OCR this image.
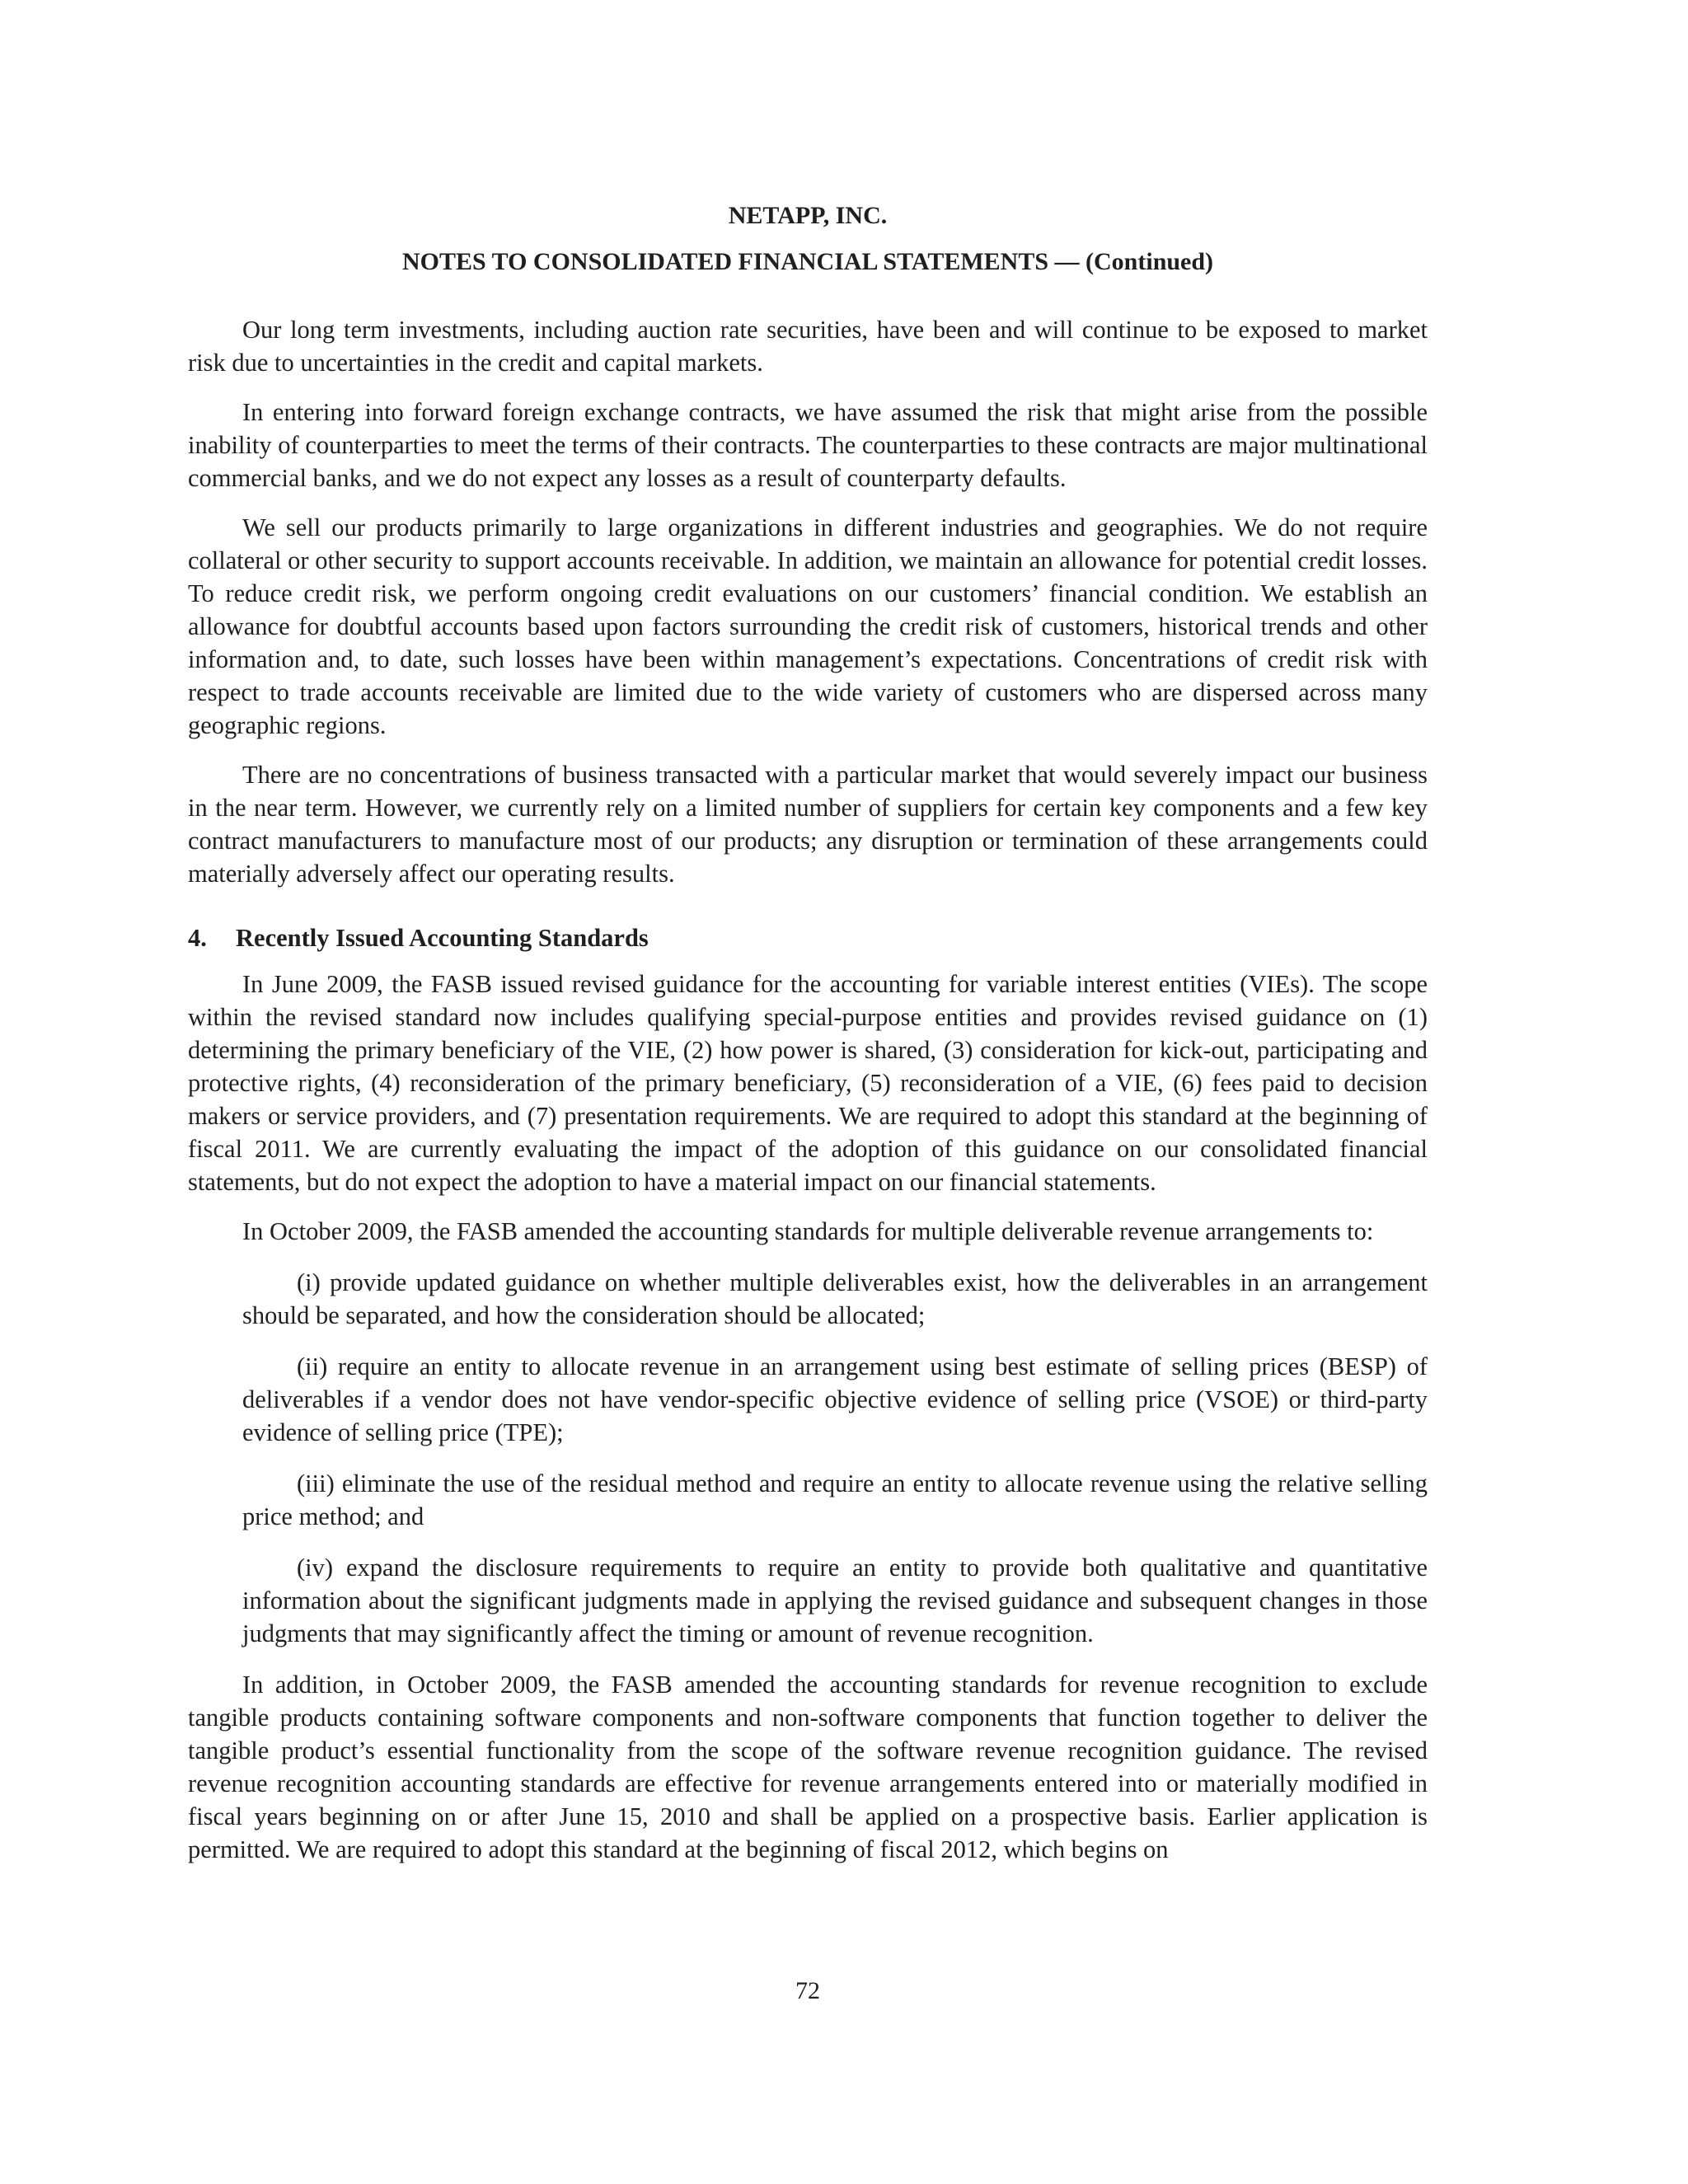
NETAPP, INC.
NOTES TO CONSOLIDATED FINANCIAL STATEMENTS — (Continued)

Our long term investments, including auction rate securities, have been and will continue to be exposed to market risk due to uncertainties in the credit and capital markets.

In entering into forward foreign exchange contracts, we have assumed the risk that might arise from the possible inability of counterparties to meet the terms of their contracts. The counterparties to these contracts are major multinational commercial banks, and we do not expect any losses as a result of counterparty defaults.

We sell our products primarily to large organizations in different industries and geographies. We do not require collateral or other security to support accounts receivable. In addition, we maintain an allowance for potential credit losses. To reduce credit risk, we perform ongoing credit evaluations on our customers’ financial condition. We establish an allowance for doubtful accounts based upon factors surrounding the credit risk of customers, historical trends and other information and, to date, such losses have been within management’s expectations. Concentrations of credit risk with respect to trade accounts receivable are limited due to the wide variety of customers who are dispersed across many geographic regions.

There are no concentrations of business transacted with a particular market that would severely impact our business in the near term. However, we currently rely on a limited number of suppliers for certain key components and a few key contract manufacturers to manufacture most of our products; any disruption or termination of these arrangements could materially adversely affect our operating results.

4. Recently Issued Accounting Standards

In June 2009, the FASB issued revised guidance for the accounting for variable interest entities (VIEs). The scope within the revised standard now includes qualifying special-purpose entities and provides revised guidance on (1) determining the primary beneficiary of the VIE, (2) how power is shared, (3) consideration for kick-out, participating and protective rights, (4) reconsideration of the primary beneficiary, (5) reconsideration of a VIE, (6) fees paid to decision makers or service providers, and (7) presentation requirements. We are required to adopt this standard at the beginning of fiscal 2011. We are currently evaluating the impact of the adoption of this guidance on our consolidated financial statements, but do not expect the adoption to have a material impact on our financial statements.

In October 2009, the FASB amended the accounting standards for multiple deliverable revenue arrangements to:

(i) provide updated guidance on whether multiple deliverables exist, how the deliverables in an arrangement should be separated, and how the consideration should be allocated;

(ii) require an entity to allocate revenue in an arrangement using best estimate of selling prices (BESP) of deliverables if a vendor does not have vendor-specific objective evidence of selling price (VSOE) or third-party evidence of selling price (TPE);

(iii) eliminate the use of the residual method and require an entity to allocate revenue using the relative selling price method; and

(iv) expand the disclosure requirements to require an entity to provide both qualitative and quantitative information about the significant judgments made in applying the revised guidance and subsequent changes in those judgments that may significantly affect the timing or amount of revenue recognition.

In addition, in October 2009, the FASB amended the accounting standards for revenue recognition to exclude tangible products containing software components and non-software components that function together to deliver the tangible product’s essential functionality from the scope of the software revenue recognition guidance. The revised revenue recognition accounting standards are effective for revenue arrangements entered into or materially modified in fiscal years beginning on or after June 15, 2010 and shall be applied on a prospective basis. Earlier application is permitted. We are required to adopt this standard at the beginning of fiscal 2012, which begins on

72
